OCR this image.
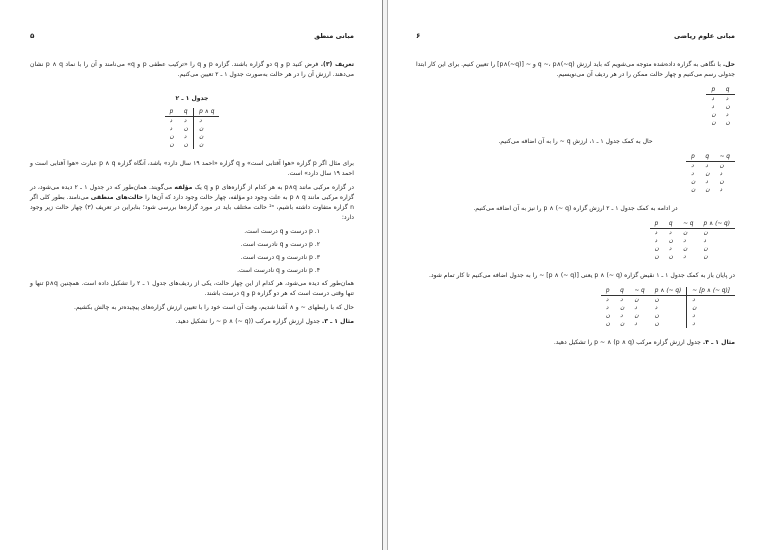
مبانی منطق
۵

تعریف (۳). فرض کنید p و q دو گزاره باشند. گزاره p و q را «ترکیب عطفی p و q» می‌نامند و آن را با نماد p ∧ q نشان می‌دهند. ارزش آن را در هر حالت به‌صورت جدول ۱ ـ ۲ تعیین می‌کنیم.

جدول ۱ ـ ۲
p	q	p ∧ q
د	د	د
د	ن	ن
ن	د	ن
ن	ن	ن

برای مثال اگر p گزاره «هوا آفتابی است» و q گزاره «احمد ۱۹ سال دارد» باشد، آنگاه گزاره p ∧ q عبارت «هوا آفتابی است و احمد ۱۹ سال دارد» است.

در گزاره مرکبی مانند p∧q به هر کدام از گزاره‌های p و q یک مؤلفه می‌گویند. همان‌طور که در جدول ۱ ـ ۲ دیده می‌شود، در گزاره مرکبی مانند p ∧ q به علت وجود دو مؤلفه، چهار حالت وجود دارد که آن‌ها را حالت‌های منطقی می‌نامند. بطور کلی اگر n گزاره متفاوت داشته باشیم، ²ⁿ حالت مختلف باید در مورد گزاره‌ها بررسی شود؛ بنابراین در تعریف (۳) چهار حالت زیر وجود دارد:

۱. p درست و q درست است.
۲. p درست و q نادرست است.
۳. p نادرست و q درست است.
۴. p نادرست و q نادرست است.

همان‌طور که دیده می‌شود، هر کدام از این چهار حالت، یکی از ردیف‌های جدول ۱ ـ ۲ را تشکیل داده است. همچنین p∧q تنها و تنها وقتی درست است که هر دو گزاره p و q درست باشند.

حال که با رابطهای ~ و ∧ آشنا شدیم، وقت آن است خود را با تعیین ارزش گزاره‌های پیچیده‌تر به چالش بکشیم.

مثال ۱ ـ ۳. جدول ارزش گزاره مرکب ((p ∧ (~ q ~ را تشکیل دهید.

مبانی علوم ریاضی
۶

حل. با نگاهی به گزاره داده‌شده متوجه می‌شویم که باید ارزش q ~، p∧(~q) و ~ [p∧(~q)] را تعیین کنیم. برای این کار ابتدا جدولی رسم می‌کنیم و چهار حالت ممکن را در هر ردیف آن می‌نویسیم.

p	q
د	د
د	ن
ن	د
ن	ن
حال به کمک جدول ۱ ـ ۱، ارزش q ~ را به آن اضافه می‌کنیم.
p	q	~ q
د	د	ن
د	ن	د
ن	د	ن
ن	ن	د
در ادامه به کمک جدول ۱ ـ ۲ ارزش گزاره (q ~) ∧ p را نیز به آن اضافه می‌کنیم.
p	q	~ q	p ∧ (~ q)
د	د	ن	ن
د	ن	د	د
ن	د	ن	ن
ن	ن	د	ن

در پایان باز به کمک جدول ۱ ـ ۱ نقیض گزاره (q ~) ∧ p یعنی [(q ~) ∧ p] ~ را به جدول اضافه می‌کنیم تا کار تمام شود.

p	q	~ q	p ∧ (~ q)	~ [p ∧ (~ q)]
د	د	ن	ن	د
د	ن	د	د	ن
ن	د	ن	ن	د
ن	ن	د	ن	د

مثال ۱ ـ ۴. جدول ارزش گزاره مرکب p ~ ∧ (p ∧ q) را تشکیل دهید.
